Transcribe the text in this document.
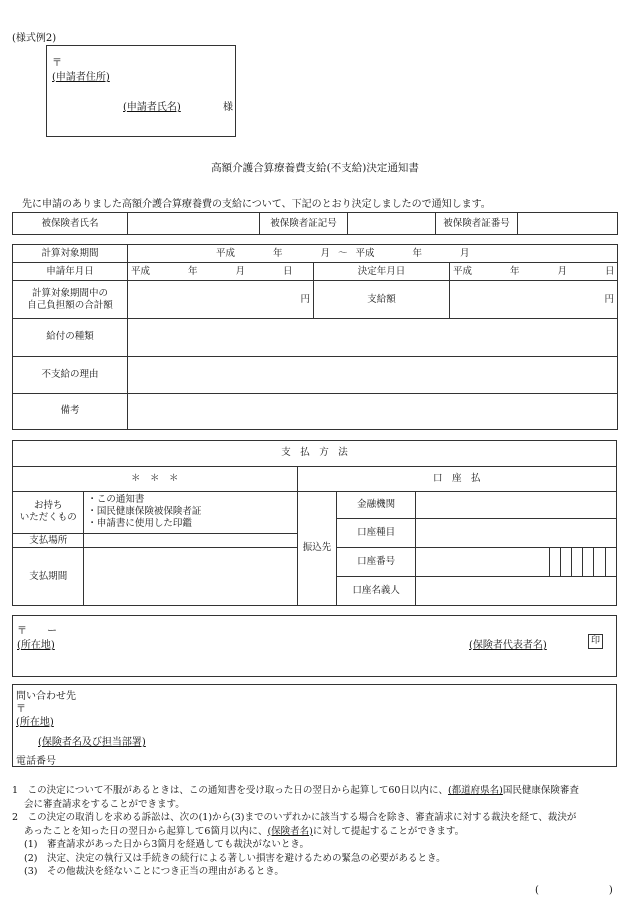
(様式例2)
〒
(申請者住所)
(申請者氏名)	様
高額介護合算療養費支給(不支給)決定通知書
先に申請のありました高額介護合算療養費の支給について、下記のとおり決定しましたので通知します。
被保険者氏名		被保険者証記号		被保険者証番号	
計算対象期間	平成　　　　年　　　　月 〜 平成　　　　年　　　　月		
申請年月日	平成　　　　年　　　　月　　　　日	決定年月日	平成　　　　年　　　　月　　　　日
計算対象期間中の
自己負担額の合計額	円	支給額	円
給付の種類			
不支給の理由			
備考			
支　払　方　法										
＊　＊　＊		口　座　払								
お持ち
いただくもの	・この通知書
・国民健康保険被保険者証
・申請書に使用した印鑑	振込先	金融機関							
			口座種目							
支払場所										
支払期間			口座番号							
			口座名義人							
〒　　ー
(所在地)	(保険者代表者名)	印
問い合わせ先
〒
(所在地)
(保険者名及び担当部署)
電話番号

1　 この決定について不服があるときは、この通知書を受け取った日の翌日から起算して60日以内に、(都道府県名)国民健康保険審査

会に審査請求をすることができます。

2　 この決定の取消しを求める訴訟は、次の(1)から(3)までのいずれかに該当する場合を除き、審査請求に対する裁決を経て、裁決が

あったことを知った日の翌日から起算して6箇月以内に、(保険者名)に対して提起することができます。

(1)　審査請求があった日から3箇月を経過しても裁決がないとき。

(2)　決定、決定の執行又は手続きの続行による著しい損害を避けるための緊急の必要があるとき。

(3)　その他裁決を経ないことにつき正当の理由があるとき。

(　　　　　　　)
